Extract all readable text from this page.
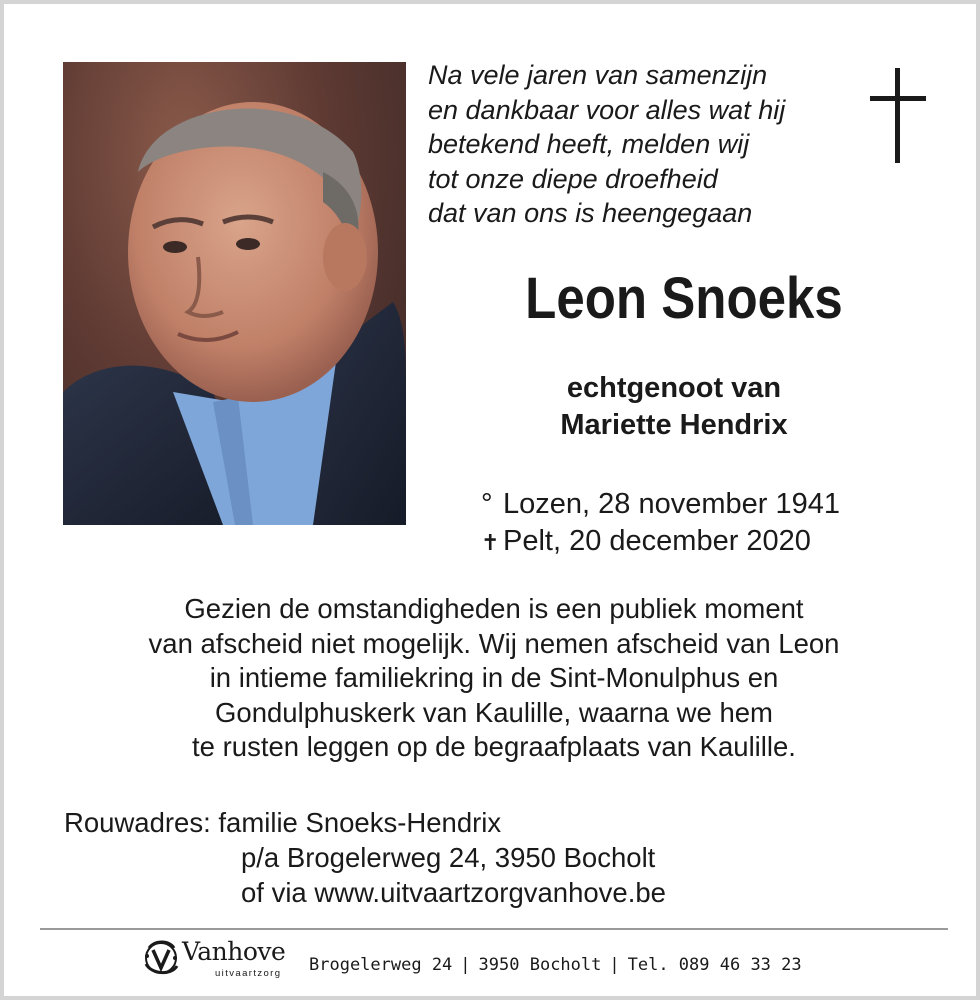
Na vele jaren van samenzijn
en dankbaar voor alles wat hij
betekend heeft, melden wij
tot onze diepe droefheid
dat van ons is heengegaan
Leon Snoeks
echtgenoot van
Mariette Hendrix
° Lozen, 28 november 1941
✝ Pelt, 20 december 2020
Gezien de omstandigheden is een publiek moment
van afscheid niet mogelijk. Wij nemen afscheid van Leon
in intieme familiekring in de Sint-Monulphus en
Gondulphuskerk van Kaulille, waarna we hem
te rusten leggen op de begraafplaats van Kaulille.
Rouwadres: familie Snoeks-Hendrix
p/a Brogelerweg 24, 3950 Bocholt
of via www.uitvaartzorgvanhove.be
Vanhove
uitvaartzorg Brogelerweg 24 | 3950 Bocholt | Tel. 089 46 33 23
